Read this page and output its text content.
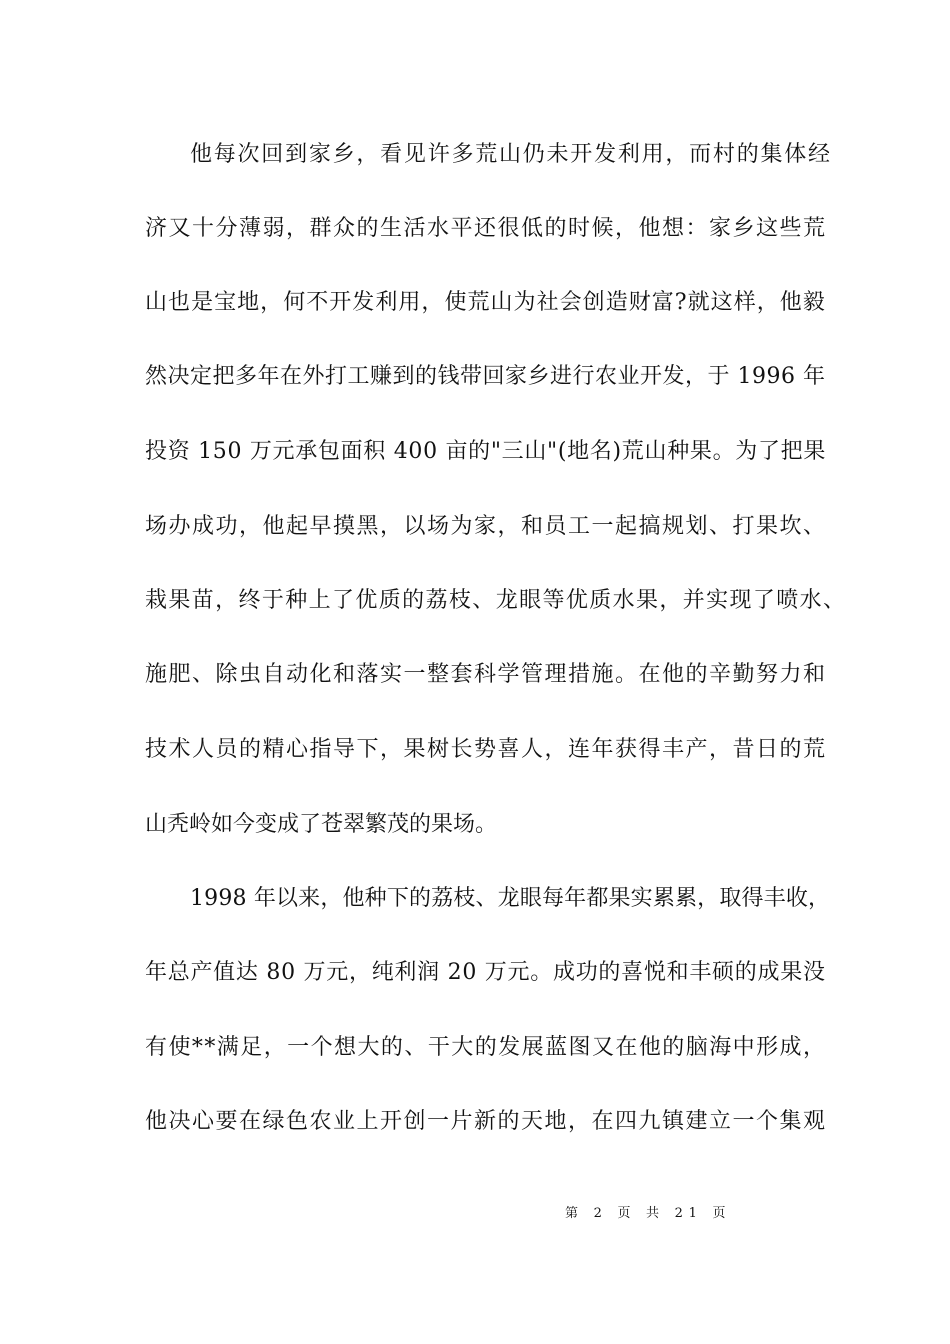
他每次回到家乡，看见许多荒山仍未开发利用，而村的集体经
济又十分薄弱，群众的生活水平还很低的时候，他想：家乡这些荒
山也是宝地，何不开发利用，使荒山为社会创造财富?就这样，他毅
然决定把多年在外打工赚到的钱带回家乡进行农业开发，于 1996 年
投资 150 万元承包面积 400 亩的"三山"(地名)荒山种果。为了把果
场办成功，他起早摸黑，以场为家，和员工一起搞规划、打果坎、
栽果苗，终于种上了优质的荔枝、龙眼等优质水果，并实现了喷水、
施肥、除虫自动化和落实一整套科学管理措施。在他的辛勤努力和
技术人员的精心指导下，果树长势喜人，连年获得丰产，昔日的荒
山秃岭如今变成了苍翠繁茂的果场。
1998 年以来，他种下的荔枝、龙眼每年都果实累累，取得丰收，
年总产值达 80 万元，纯利润 20 万元。成功的喜悦和丰硕的成果没
有使**满足，一个想大的、干大的发展蓝图又在他的脑海中形成，
他决心要在绿色农业上开创一片新的天地，在四九镇建立一个集观
第 2 页 共 21 页
